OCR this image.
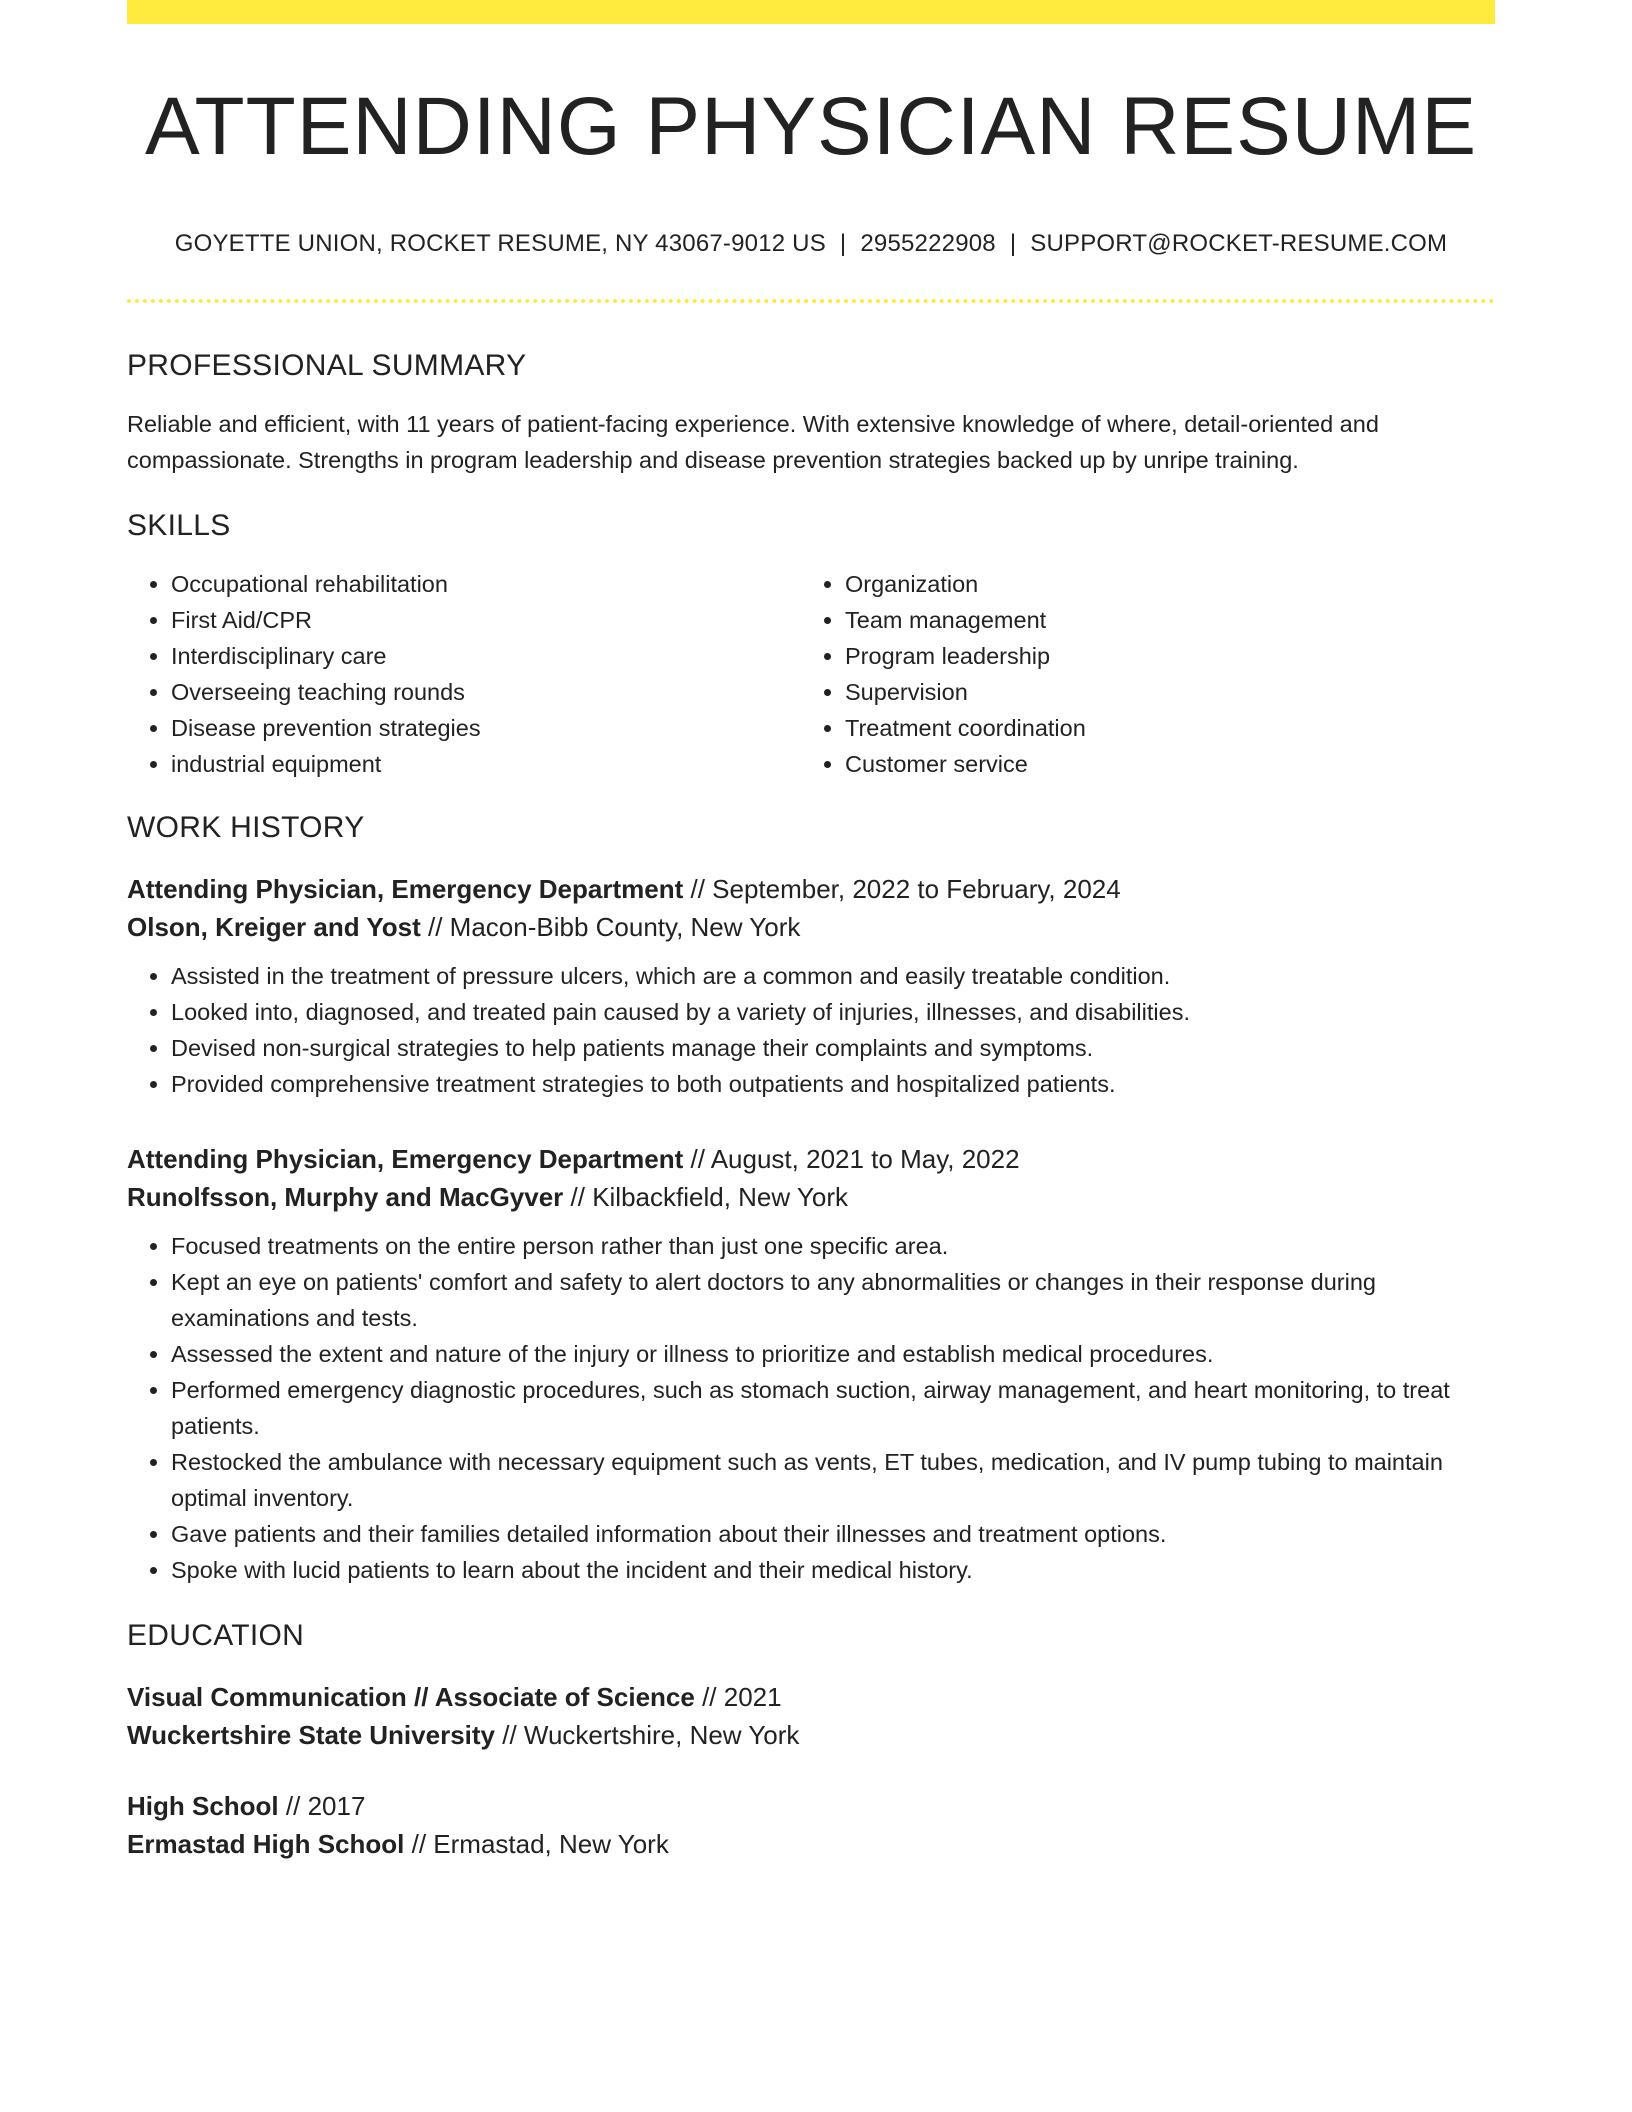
ATTENDING PHYSICIAN RESUME
GOYETTE UNION, ROCKET RESUME, NY 43067-9012 US | 2955222908 | SUPPORT@ROCKET-RESUME.COM
PROFESSIONAL SUMMARY
Reliable and efficient, with 11 years of patient-facing experience. With extensive knowledge of where, detail-oriented and compassionate. Strengths in program leadership and disease prevention strategies backed up by unripe training.
SKILLS
• Occupational rehabilitation
• First Aid/CPR
• Interdisciplinary care
• Overseeing teaching rounds
• Disease prevention strategies
• industrial equipment
• Organization
• Team management
• Program leadership
• Supervision
• Treatment coordination
• Customer service
WORK HISTORY
Attending Physician, Emergency Department // September, 2022 to February, 2024
Olson, Kreiger and Yost // Macon-Bibb County, New York
• Assisted in the treatment of pressure ulcers, which are a common and easily treatable condition.
• Looked into, diagnosed, and treated pain caused by a variety of injuries, illnesses, and disabilities.
• Devised non-surgical strategies to help patients manage their complaints and symptoms.
• Provided comprehensive treatment strategies to both outpatients and hospitalized patients.
Attending Physician, Emergency Department // August, 2021 to May, 2022
Runolfsson, Murphy and MacGyver // Kilbackfield, New York
• Focused treatments on the entire person rather than just one specific area.
• Kept an eye on patients' comfort and safety to alert doctors to any abnormalities or changes in their response during examinations and tests.
• Assessed the extent and nature of the injury or illness to prioritize and establish medical procedures.
• Performed emergency diagnostic procedures, such as stomach suction, airway management, and heart monitoring, to treat patients.
• Restocked the ambulance with necessary equipment such as vents, ET tubes, medication, and IV pump tubing to maintain optimal inventory.
• Gave patients and their families detailed information about their illnesses and treatment options.
• Spoke with lucid patients to learn about the incident and their medical history.
EDUCATION
Visual Communication // Associate of Science // 2021
Wuckertshire State University // Wuckertshire, New York
High School // 2017
Ermastad High School // Ermastad, New York
